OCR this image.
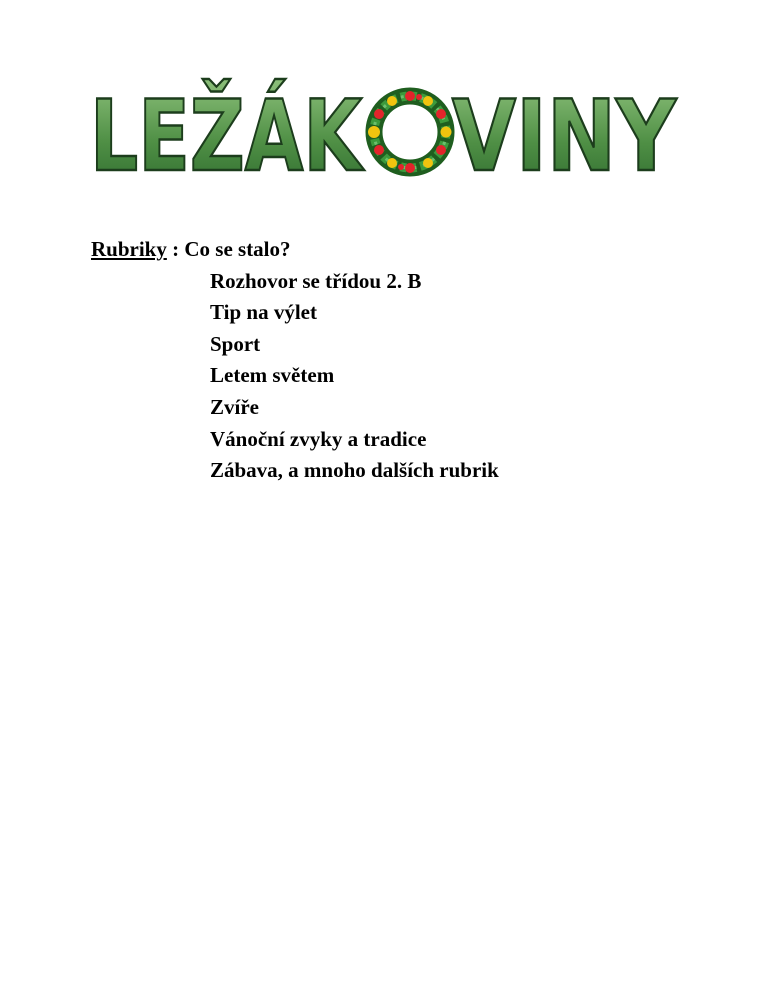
LEŽÁK VINY
Rubriky : Co se stalo?
Rozhovor se třídou 2. B
Tip na výlet
Sport
Letem světem
Zvíře
Vánoční zvyky a tradice
Zábava, a mnoho dalších rubrik
